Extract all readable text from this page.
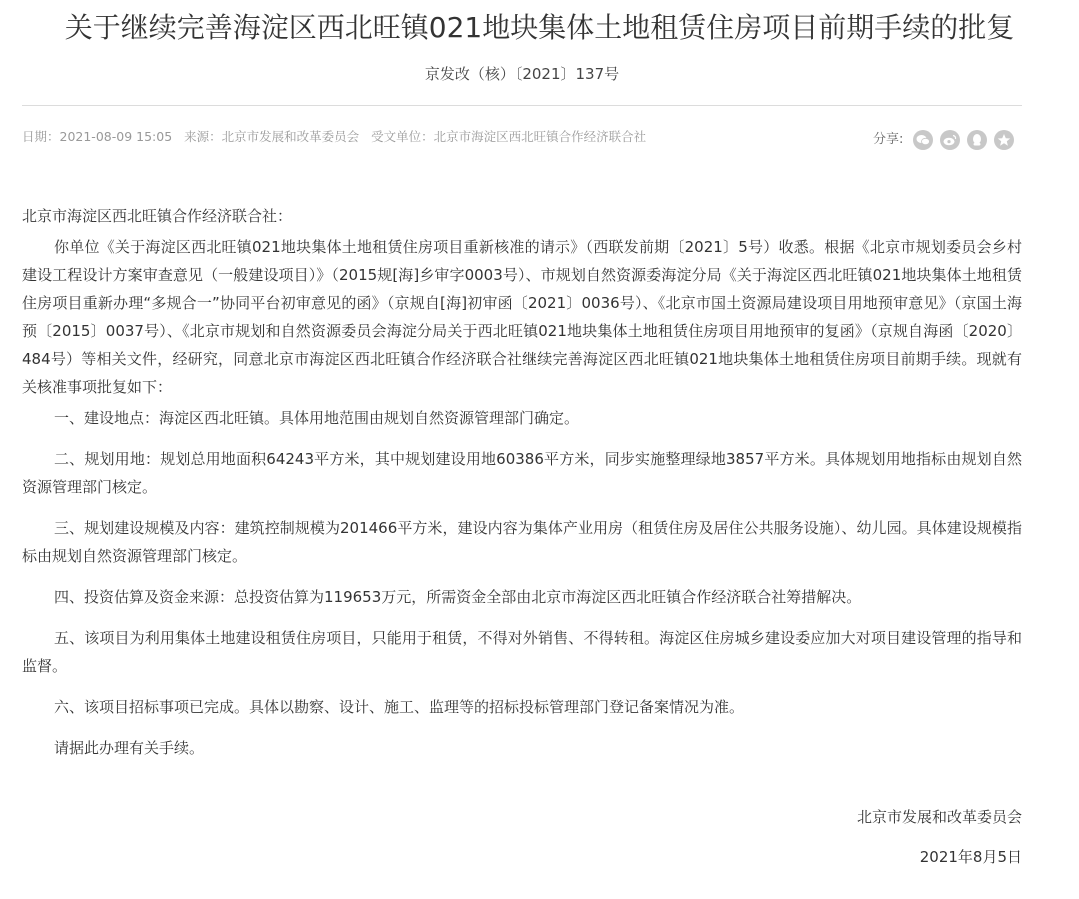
关于继续完善海淀区西北旺镇021地块集体土地租赁住房项目前期手续的批复
京发改（核）〔2021〕137号
日期：2021-08-09 15:05 来源：北京市发展和改革委员会 受文单位：北京市海淀区西北旺镇合作经济联合社	分享:

北京市海淀区西北旺镇合作经济联合社：

你单位《关于海淀区西北旺镇021地块集体土地租赁住房项目重新核准的请示》（西联发前期〔2021〕5号）收悉。根据《北京市规划委员会乡村建设工程设计方案审查意见（一般建设项目）》（2015规[海]乡审字0003号）、市规划自然资源委海淀分局《关于海淀区西北旺镇021地块集体土地租赁住房项目重新办理“多规合一”协同平台初审意见的函》（京规自[海]初审函〔2021〕0036号）、《北京市国土资源局建设项目用地预审意见》（京国土海预〔2015〕0037号）、《北京市规划和自然资源委员会海淀分局关于西北旺镇021地块集体土地租赁住房项目用地预审的复函》（京规自海函〔2020〕484号）等相关文件，经研究，同意北京市海淀区西北旺镇合作经济联合社继续完善海淀区西北旺镇021地块集体土地租赁住房项目前期手续。现就有关核准事项批复如下：

一、建设地点：海淀区西北旺镇。具体用地范围由规划自然资源管理部门确定。

二、规划用地：规划总用地面积64243平方米，其中规划建设用地60386平方米，同步实施整理绿地3857平方米。具体规划用地指标由规划自然资源管理部门核定。

三、规划建设规模及内容：建筑控制规模为201466平方米，建设内容为集体产业用房（租赁住房及居住公共服务设施）、幼儿园。具体建设规模指标由规划自然资源管理部门核定。

四、投资估算及资金来源：总投资估算为119653万元，所需资金全部由北京市海淀区西北旺镇合作经济联合社筹措解决。

五、该项目为利用集体土地建设租赁住房项目，只能用于租赁，不得对外销售、不得转租。海淀区住房城乡建设委应加大对项目建设管理的指导和监督。

六、该项目招标事项已完成。具体以勘察、设计、施工、监理等的招标投标管理部门登记备案情况为准。

请据此办理有关手续。

北京市发展和改革委员会
2021年8月5日
